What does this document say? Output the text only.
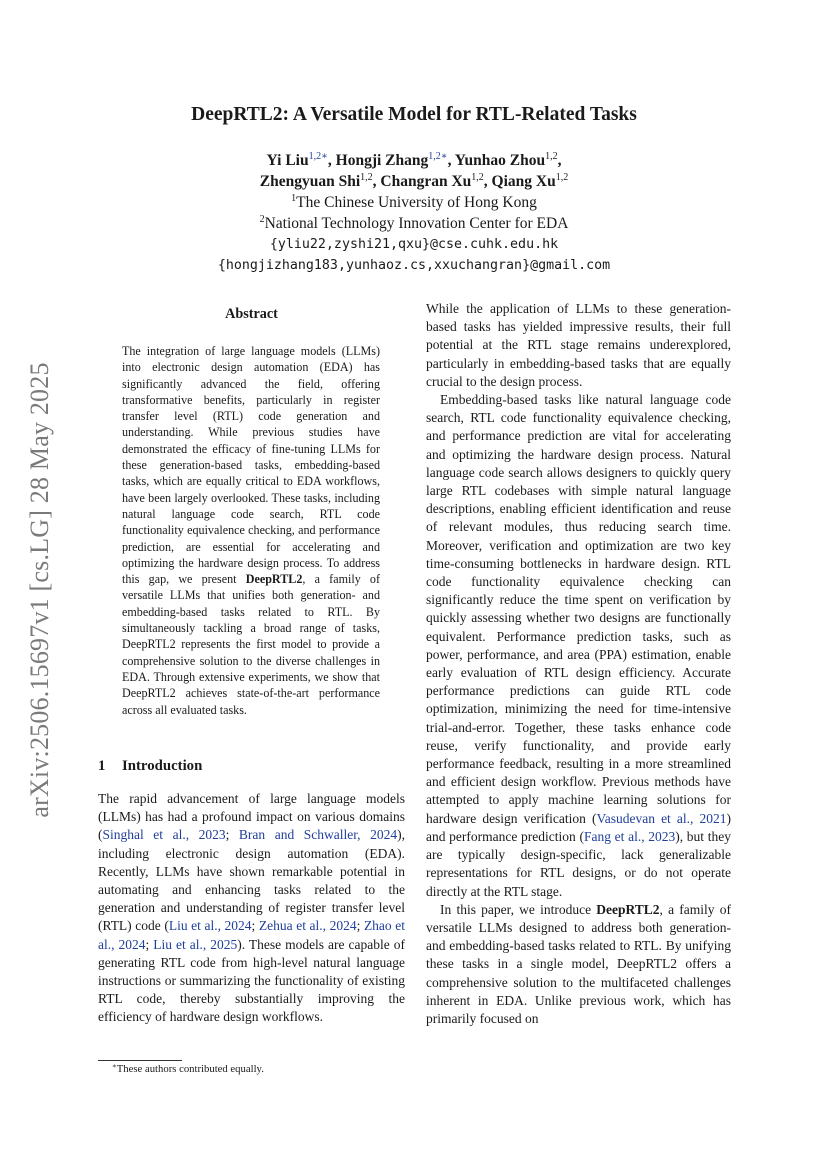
arXiv:2506.15697v1 [cs.LG] 28 May 2025
DeepRTL2: A Versatile Model for RTL-Related Tasks
Yi Liu$^{1,2∗}$, Hongji Zhang$^{1,2∗}$, Yunhao Zhou$^{1,2}$,
Zhengyuan Shi$^{1,2}$, Changran Xu$^{1,2}$, Qiang Xu$^{1,2}$
$^1$The Chinese University of Hong Kong
$^2$National Technology Innovation Center for EDA
{yliu22,zyshi21,qxu}@cse.cuhk.edu.hk
{hongjizhang183,yunhaoz.cs,xxuchangran}@gmail.com
Abstract
The integration of large language models (LLMs) into electronic design automation (EDA) has significantly advanced the field, offering transformative benefits, particularly in register transfer level (RTL) code generation and understanding. While previous studies have demonstrated the efficacy of fine-tuning LLMs for these generation-based tasks, embedding-based tasks, which are equally critical to EDA workflows, have been largely overlooked. These tasks, including natural language code search, RTL code functionality equivalence checking, and performance prediction, are essential for accelerating and optimizing the hardware design process. To address this gap, we present DeepRTL2, a family of versatile LLMs that unifies both generation- and embedding-based tasks related to RTL. By simultaneously tackling a broad range of tasks, DeepRTL2 represents the first model to provide a comprehensive solution to the diverse challenges in EDA. Through extensive experiments, we show that DeepRTL2 achieves state-of-the-art performance across all evaluated tasks.
1 Introduction
The rapid advancement of large language models (LLMs) has had a profound impact on various domains (Singhal et al., 2023; Bran and Schwaller, 2024), including electronic design automation (EDA). Recently, LLMs have shown remarkable potential in automating and enhancing tasks related to the generation and understanding of register transfer level (RTL) code (Liu et al., 2024; Zehua et al., 2024; Zhao et al., 2024; Liu et al., 2025). These models are capable of generating RTL code from high-level natural language instructions or summarizing the functionality of existing RTL code, thereby substantially improving the efficiency of hardware design workflows.
∗These authors contributed equally.

While the application of LLMs to these generation-based tasks has yielded impressive results, their full potential at the RTL stage remains underexplored, particularly in embedding-based tasks that are equally crucial to the design process.

Embedding-based tasks like natural language code search, RTL code functionality equivalence checking, and performance prediction are vital for accelerating and optimizing the hardware design process. Natural language code search allows designers to quickly query large RTL codebases with simple natural language descriptions, enabling efficient identification and reuse of relevant modules, thus reducing search time. Moreover, verification and optimization are two key time-consuming bottlenecks in hardware design. RTL code functionality equivalence checking can significantly reduce the time spent on verification by quickly assessing whether two designs are functionally equivalent. Performance prediction tasks, such as power, performance, and area (PPA) estimation, enable early evaluation of RTL design efficiency. Accurate performance predictions can guide RTL code optimization, minimizing the need for time-intensive trial-and-error. Together, these tasks enhance code reuse, verify functionality, and provide early performance feedback, resulting in a more streamlined and efficient design workflow. Previous methods have attempted to apply machine learning solutions for hardware design verification (Vasudevan et al., 2021) and performance prediction (Fang et al., 2023), but they are typically design-specific, lack generalizable representations for RTL designs, or do not operate directly at the RTL stage.

In this paper, we introduce DeepRTL2, a family of versatile LLMs designed to address both generation- and embedding-based tasks related to RTL. By unifying these tasks in a single model, DeepRTL2 offers a comprehensive solution to the multifaceted challenges inherent in EDA. Unlike previous work, which has primarily focused on
